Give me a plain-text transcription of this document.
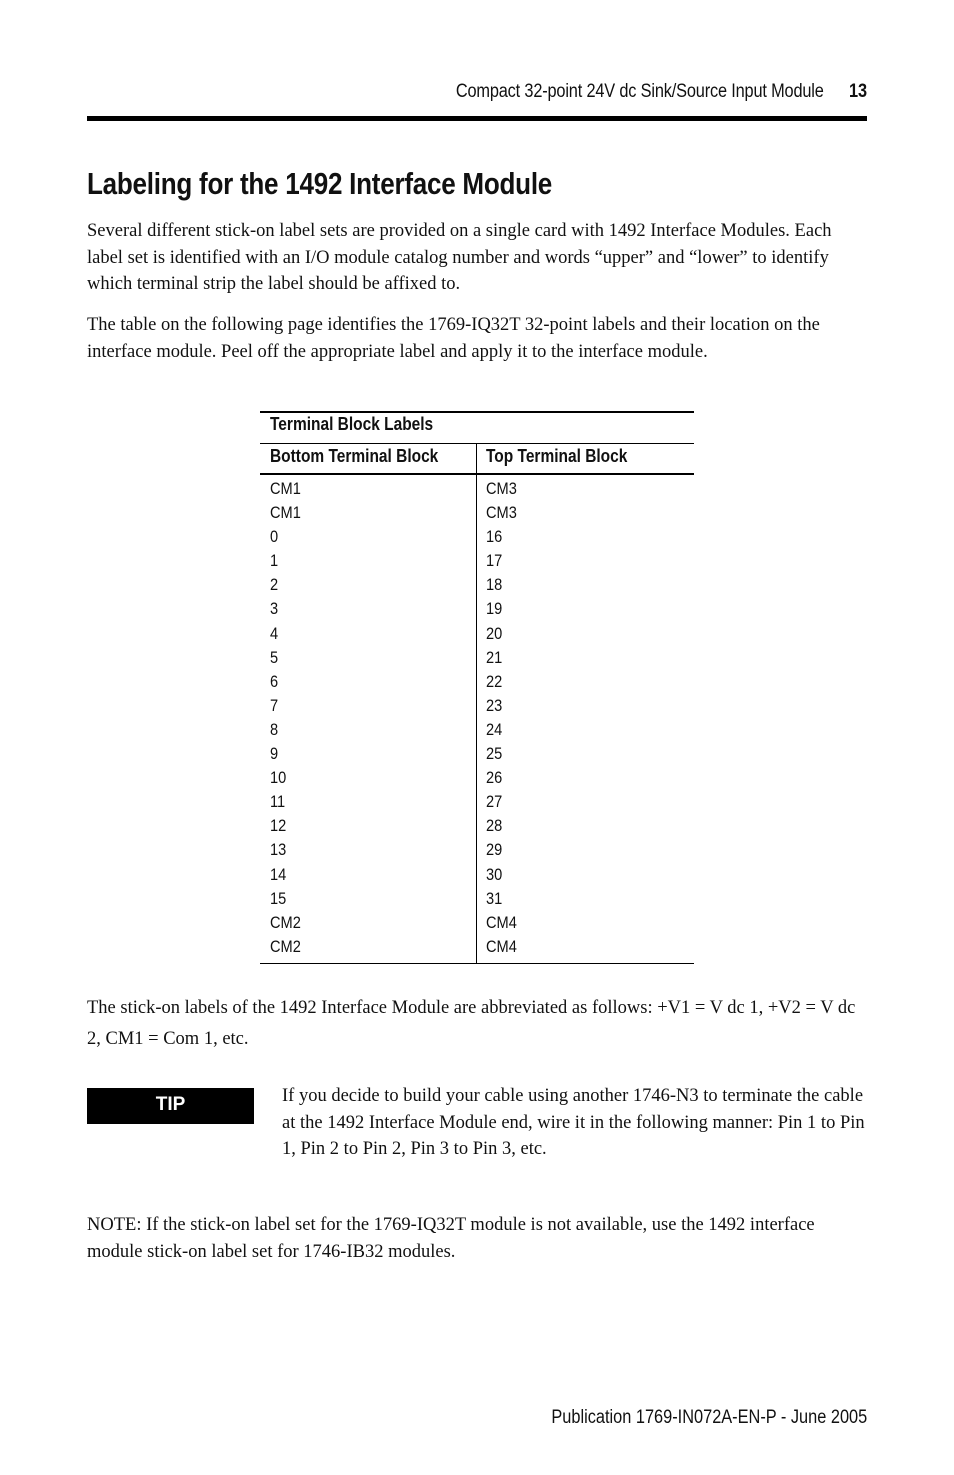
Compact 32-point 24V dc Sink/Source Input Module 13
Labeling for the 1492 Interface Module

Several different stick-on label sets are provided on a single card with 1492 Interface Modules. Each label set is identified with an I/O module catalog number and words “upper” and “lower” to identify which terminal strip the label should be affixed to.

The table on the following page identifies the 1769-IQ32T 32-point labels and their location on the interface module. Peel off the appropriate label and apply it to the interface module.

Terminal Block Labels
Bottom Terminal Block	Top Terminal Block
CM1
CM1
0
1
2
3
4
5
6
7
8
9
10
11
12
13
14
15
CM2
CM2
CM3
CM3
16
17
18
19
20
21
22
23
24
25
26
27
28
29
30
31
CM4
CM4

The stick-on labels of the 1492 Interface Module are abbreviated as follows: +V1 = V dc 1, +V2 = V dc 2, CM1 = Com 1, etc.

TIP	If you decide to build your cable using another 1746-N3 to terminate the cable at the 1492 Interface Module end, wire it in the following manner: Pin 1 to Pin 1, Pin 2 to Pin 2, Pin 3 to Pin 3, etc.

NOTE: If the stick-on label set for the 1769-IQ32T module is not available, use the 1492 interface module stick-on label set for 1746-IB32 modules.

Publication 1769-IN072A-EN-P - June 2005
